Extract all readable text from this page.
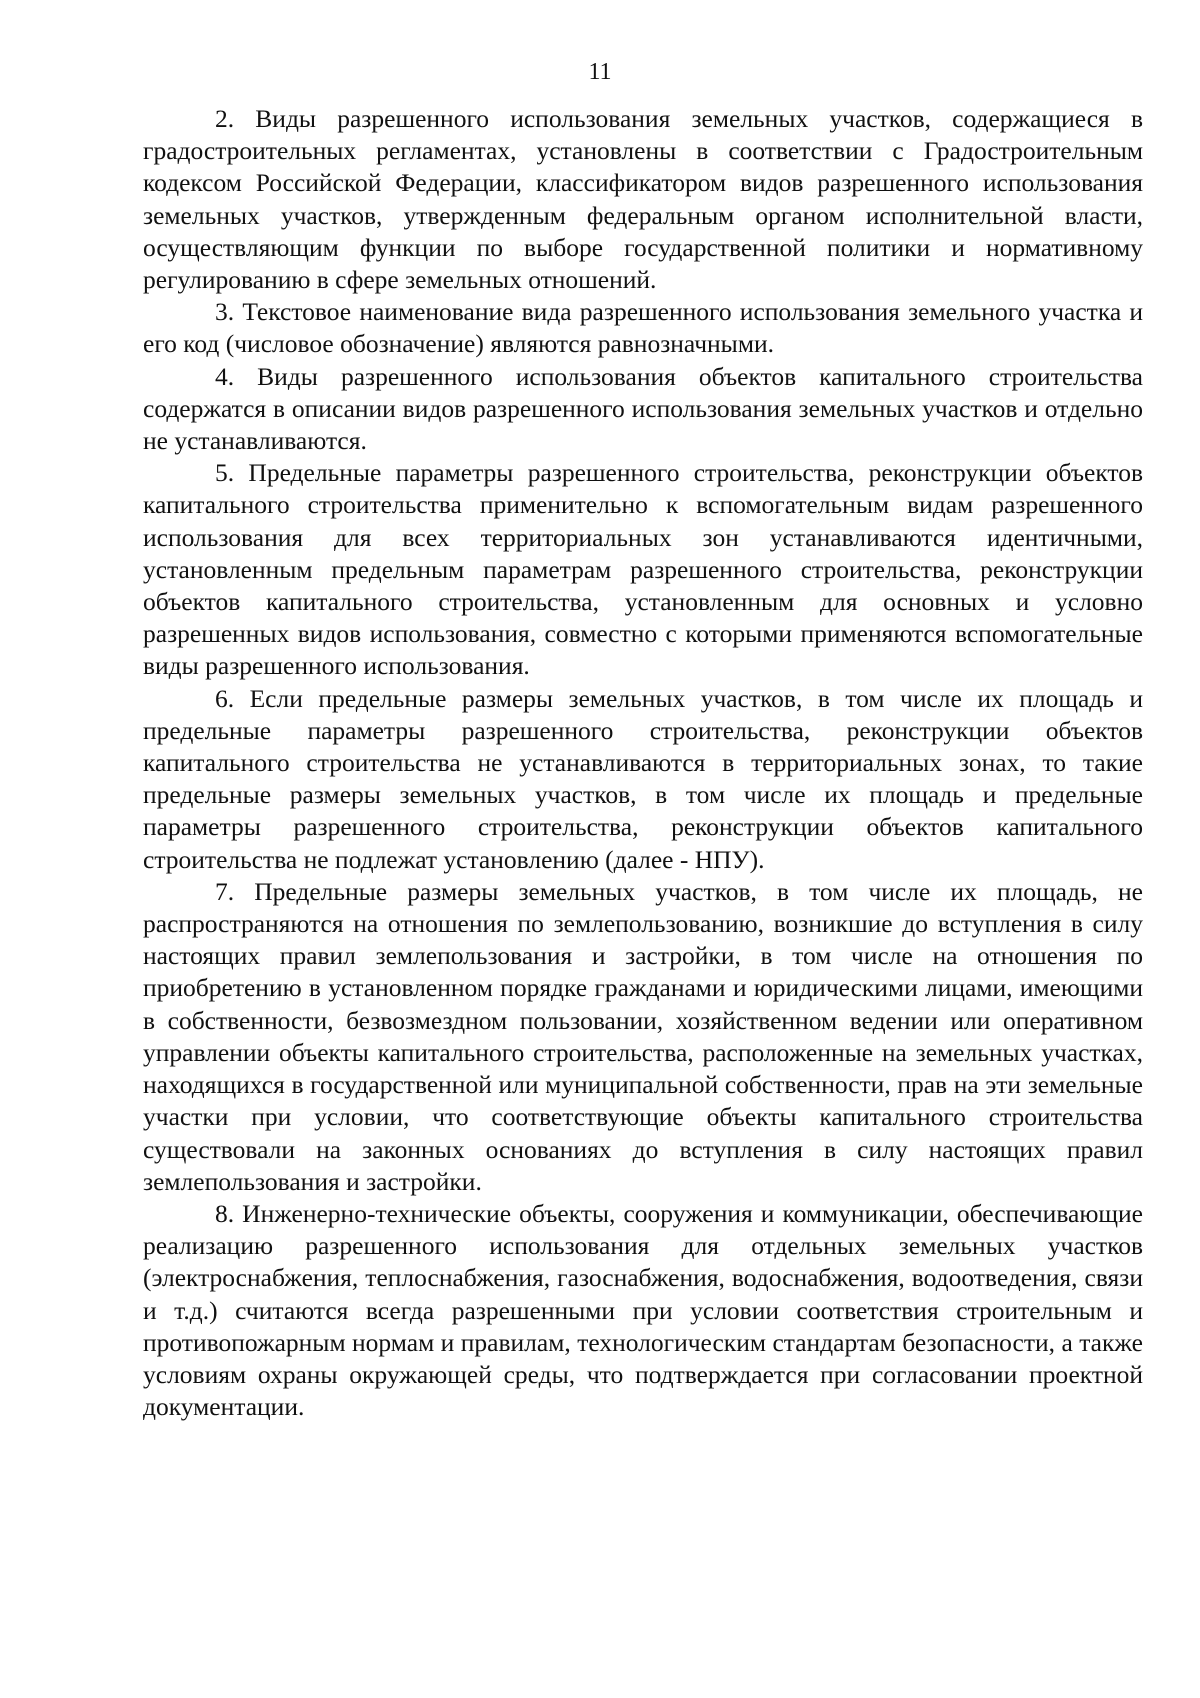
11

2. Виды разрешенного использования земельных участков, содержащиеся в градостроительных регламентах, установлены в соответствии с Градостроительным кодексом Российской Федерации, классификатором видов разрешенного использования земельных участков, утвержденным федеральным органом исполнительной власти, осуществляющим функции по выборе государственной политики и нормативному регулированию в сфере земельных отношений.

3. Текстовое наименование вида разрешенного использования земельного участка и его код (числовое обозначение) являются равнозначными.

4. Виды разрешенного использования объектов капитального строительства содержатся в описании видов разрешенного использования земельных участков и отдельно не устанавливаются.

5. Предельные параметры разрешенного строительства, реконструкции объектов капитального строительства применительно к вспомогательным видам разрешенного использования для всех территориальных зон устанавливаются идентичными, установленным предельным параметрам разрешенного строительства, реконструкции объектов капитального строительства, установленным для основных и условно разрешенных видов использования, совместно с которыми применяются вспомогательные виды разрешенного использования.

6. Если предельные размеры земельных участков, в том числе их площадь и предельные параметры разрешенного строительства, реконструкции объектов капитального строительства не устанавливаются в территориальных зонах, то такие предельные размеры земельных участков, в том числе их площадь и предельные параметры разрешенного строительства, реконструкции объектов капитального строительства не подлежат установлению (далее - НПУ).

7. Предельные размеры земельных участков, в том числе их площадь, не распространяются на отношения по землепользованию, возникшие до вступления в силу настоящих правил землепользования и застройки, в том числе на отношения по приобретению в установленном порядке гражданами и юридическими лицами, имеющими в собственности, безвозмездном пользовании, хозяйственном ведении или оперативном управлении объекты капитального строительства, расположенные на земельных участках, находящихся в государственной или муниципальной собственности, прав на эти земельные участки при условии, что соответствующие объекты капитального строительства существовали на законных основаниях до вступления в силу настоящих правил землепользования и застройки.

8. Инженерно-технические объекты, сооружения и коммуникации, обеспечивающие реализацию разрешенного использования для отдельных земельных участков (электроснабжения, теплоснабжения, газоснабжения, водоснабжения, водоотведения, связи и т.д.) считаются всегда разрешенными при условии соответствия строительным и противопожарным нормам и правилам, технологическим стандартам безопасности, а также условиям охраны окружающей среды, что подтверждается при согласовании проектной документации.
